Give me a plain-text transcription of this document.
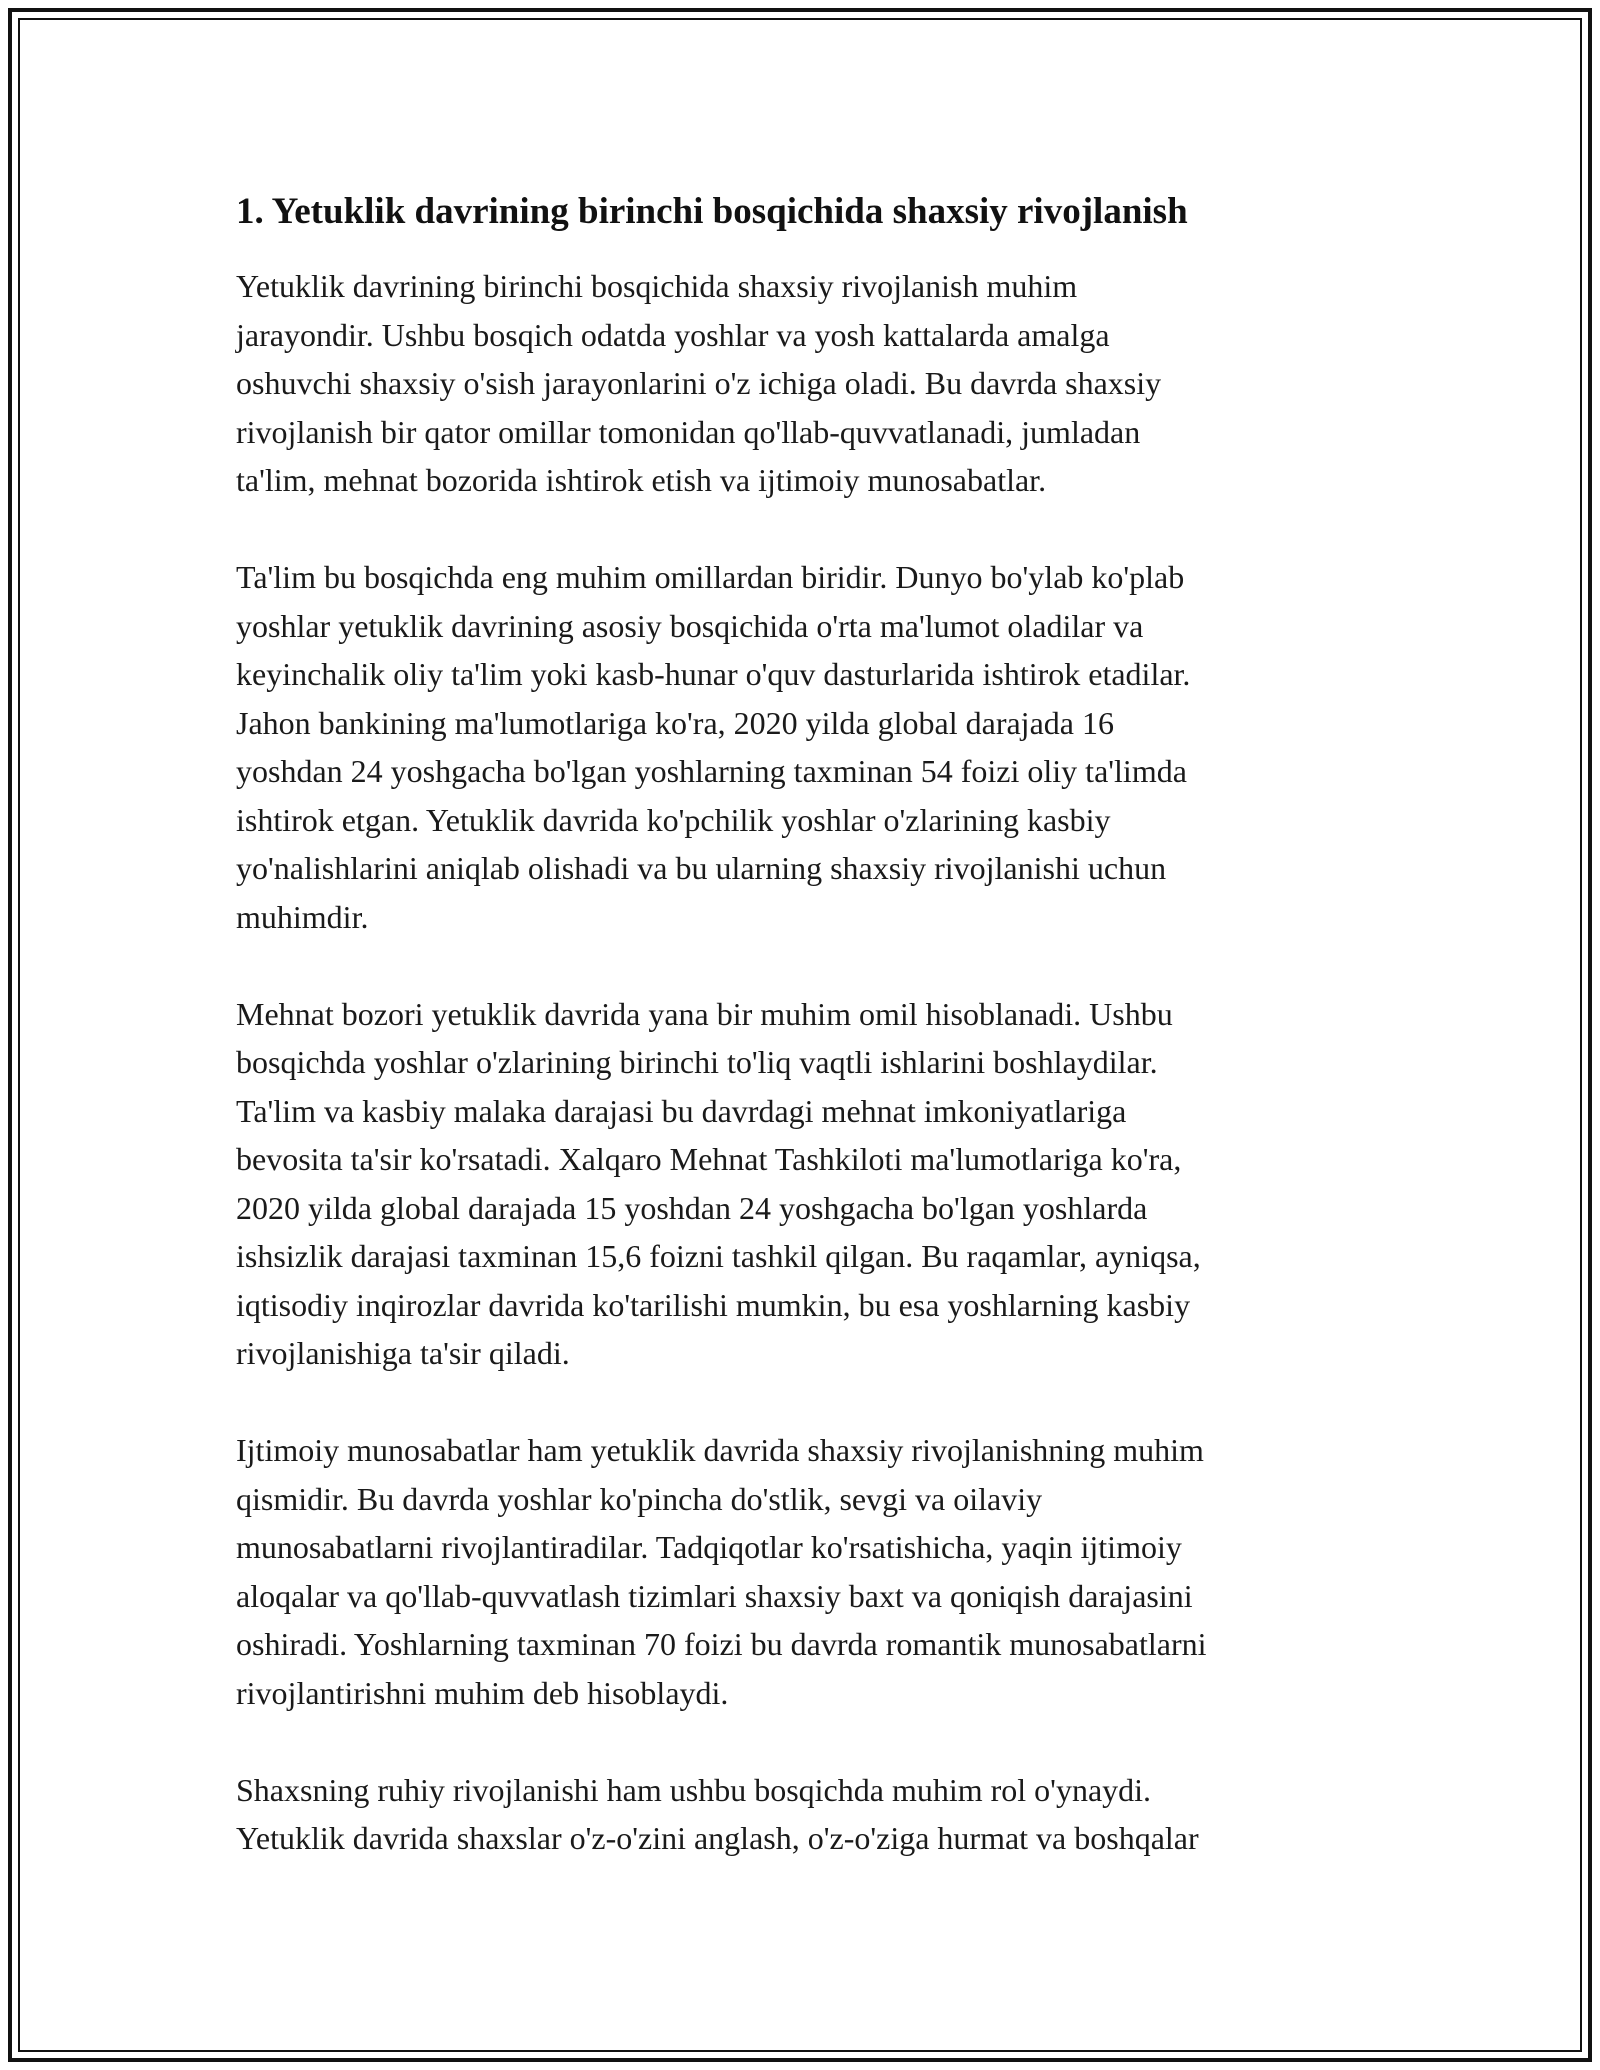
1. Yetuklik davrining birinchi bosqichida shaxsiy rivojlanish

Yetuklik davrining birinchi bosqichida shaxsiy rivojlanish muhim
jarayondir. Ushbu bosqich odatda yoshlar va yosh kattalarda amalga
oshuvchi shaxsiy o'sish jarayonlarini o'z ichiga oladi. Bu davrda shaxsiy
rivojlanish bir qator omillar tomonidan qo'llab-quvvatlanadi, jumladan
ta'lim, mehnat bozorida ishtirok etish va ijtimoiy munosabatlar.

Ta'lim bu bosqichda eng muhim omillardan biridir. Dunyo bo'ylab ko'plab
yoshlar yetuklik davrining asosiy bosqichida o'rta ma'lumot oladilar va
keyinchalik oliy ta'lim yoki kasb-hunar o'quv dasturlarida ishtirok etadilar.
Jahon bankining ma'lumotlariga ko'ra, 2020 yilda global darajada 16
yoshdan 24 yoshgacha bo'lgan yoshlarning taxminan 54 foizi oliy ta'limda
ishtirok etgan. Yetuklik davrida ko'pchilik yoshlar o'zlarining kasbiy
yo'nalishlarini aniqlab olishadi va bu ularning shaxsiy rivojlanishi uchun
muhimdir.

Mehnat bozori yetuklik davrida yana bir muhim omil hisoblanadi. Ushbu
bosqichda yoshlar o'zlarining birinchi to'liq vaqtli ishlarini boshlaydilar.
Ta'lim va kasbiy malaka darajasi bu davrdagi mehnat imkoniyatlariga
bevosita ta'sir ko'rsatadi. Xalqaro Mehnat Tashkiloti ma'lumotlariga ko'ra,
2020 yilda global darajada 15 yoshdan 24 yoshgacha bo'lgan yoshlarda
ishsizlik darajasi taxminan 15,6 foizni tashkil qilgan. Bu raqamlar, ayniqsa,
iqtisodiy inqirozlar davrida ko'tarilishi mumkin, bu esa yoshlarning kasbiy
rivojlanishiga ta'sir qiladi.

Ijtimoiy munosabatlar ham yetuklik davrida shaxsiy rivojlanishning muhim
qismidir. Bu davrda yoshlar ko'pincha do'stlik, sevgi va oilaviy
munosabatlarni rivojlantiradilar. Tadqiqotlar ko'rsatishicha, yaqin ijtimoiy
aloqalar va qo'llab-quvvatlash tizimlari shaxsiy baxt va qoniqish darajasini
oshiradi. Yoshlarning taxminan 70 foizi bu davrda romantik munosabatlarni
rivojlantirishni muhim deb hisoblaydi.

Shaxsning ruhiy rivojlanishi ham ushbu bosqichda muhim rol o'ynaydi.
Yetuklik davrida shaxslar o'z-o'zini anglash, o'z-o'ziga hurmat va boshqalar
